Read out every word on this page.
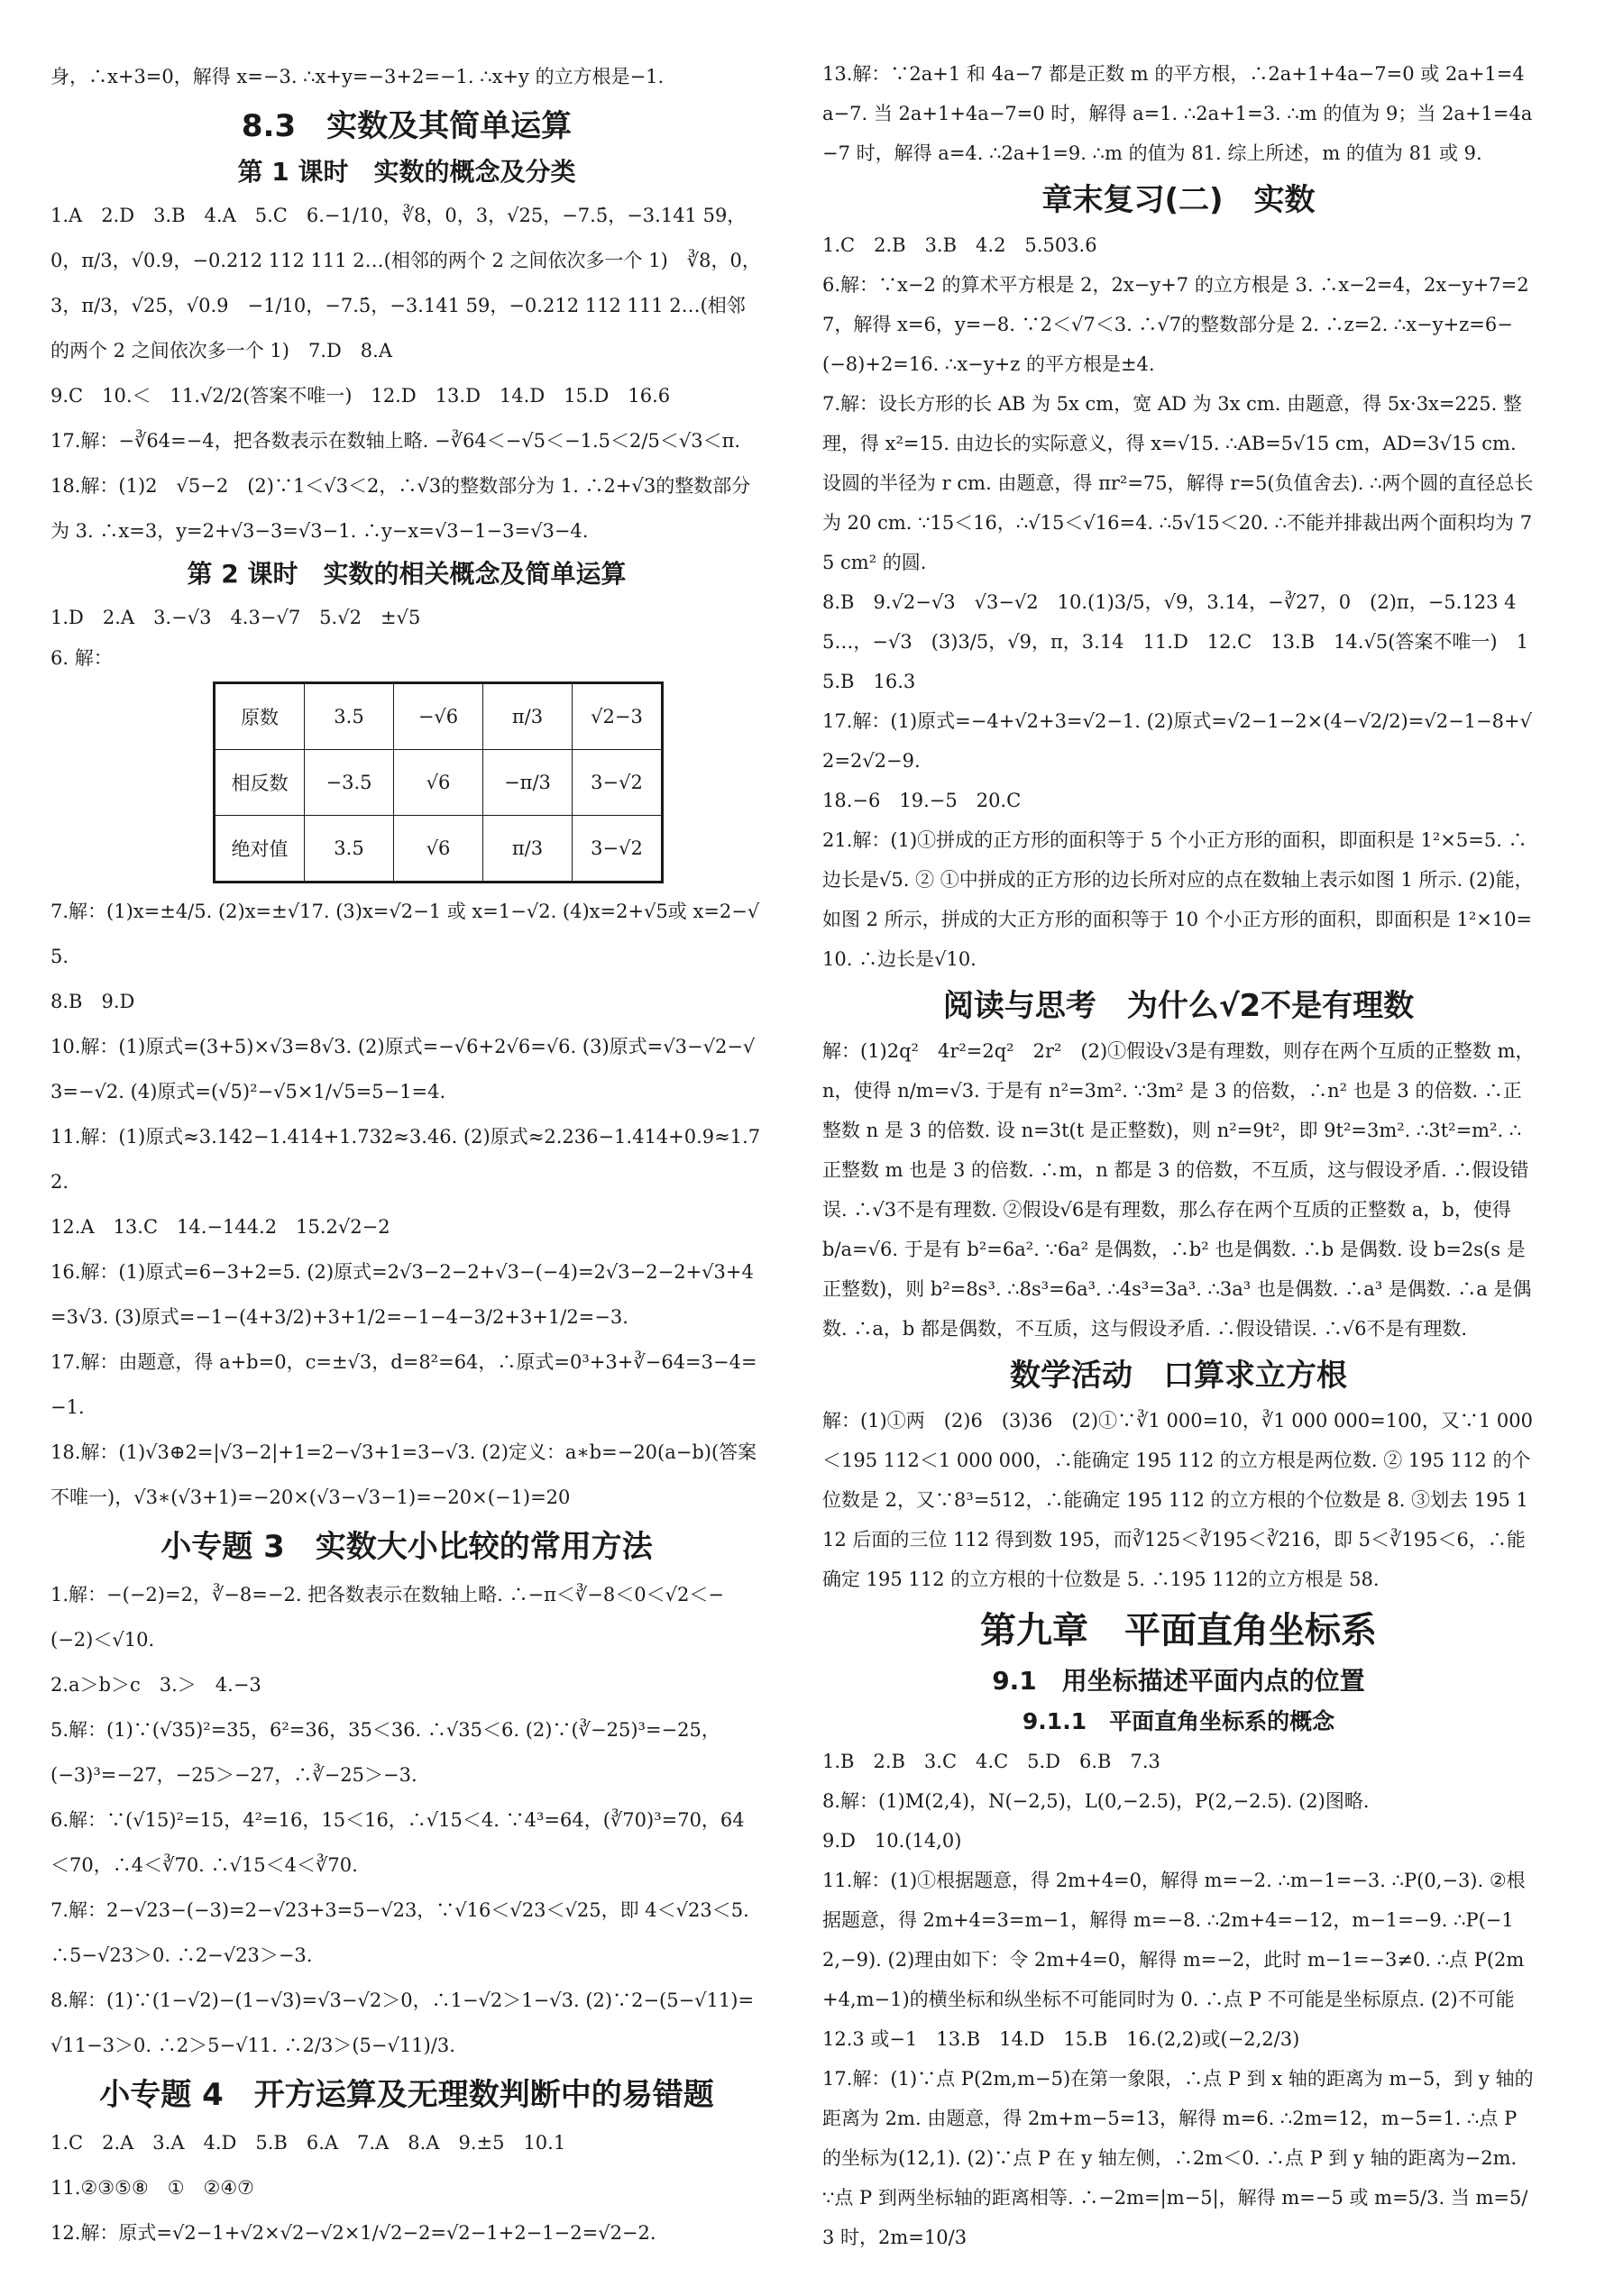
身，∴x+3=0，解得 x=−3. ∴x+y=−3+2=−1. ∴x+y 的立方根是−1.

8.3　实数及其简单运算
第 1 课时　实数的概念及分类

1.A　2.D　3.B　4.A　5.C　6.−1/10，∛8，0，3，√25，−7.5̇，−3.141 59，0，π/3，√0.9，−0.212 112 111 2…(相邻的两个 2 之间依次多一个 1)　∛8，0，3，π/3，√25，√0.9　−1/10，−7.5̇，−3.141 59，−0.212 112 111 2…(相邻的两个 2 之间依次多一个 1)　7.D　8.A

9.C　10.＜　11.√2/2(答案不唯一)　12.D　13.D　14.D　15.D　16.6

17.解：−∛64=−4，把各数表示在数轴上略. −∛64＜−√5＜−1.5＜2/5＜√3＜π.

18.解：(1)2　√5−2　(2)∵1＜√3＜2，∴√3的整数部分为 1. ∴2+√3的整数部分为 3. ∴x=3，y=2+√3−3=√3−1. ∴y−x=√3−1−3=√3−4.

第 2 课时　实数的相关概念及简单运算

1.D　2.A　3.−√3　4.3−√7　5.√2　±√5

6. 解：

原数	3.5	−√6	π/3	√2−3
相反数	−3.5	√6	−π/3	3−√2
绝对值	3.5	√6	π/3	3−√2

7.解：(1)x=±4/5. (2)x=±√17. (3)x=√2−1 或 x=1−√2. (4)x=2+√5或 x=2−√5.

8.B　9.D

10.解：(1)原式=(3+5)×√3=8√3. (2)原式=−√6+2√6=√6. (3)原式=√3−√2−√3=−√2. (4)原式=(√5)²−√5×1/√5=5−1=4.

11.解：(1)原式≈3.142−1.414+1.732≈3.46. (2)原式≈2.236−1.414+0.9≈1.72.

12.A　13.C　14.−144.2　15.2√2−2

16.解：(1)原式=6−3+2=5. (2)原式=2√3−2−2+√3−(−4)=2√3−2−2+√3+4=3√3. (3)原式=−1−(4+3/2)+3+1/2=−1−4−3/2+3+1/2=−3.

17.解：由题意，得 a+b=0，c=±√3，d=8²=64，∴原式=0³+3+∛−64=3−4=−1.

18.解：(1)√3⊕2=|√3−2|+1=2−√3+1=3−√3. (2)定义：a∗b=−20(a−b)(答案不唯一)，√3∗(√3+1)=−20×(√3−√3−1)=−20×(−1)=20

小专题 3　实数大小比较的常用方法

1.解：−(−2)=2，∛−8=−2. 把各数表示在数轴上略. ∴−π＜∛−8＜0＜√2＜−(−2)＜√10.

2.a＞b＞c　3.＞　4.−3

5.解：(1)∵(√35)²=35，6²=36，35＜36. ∴√35＜6. (2)∵(∛−25)³=−25，(−3)³=−27，−25＞−27，∴∛−25＞−3.

6.解：∵(√15)²=15，4²=16，15＜16，∴√15＜4. ∵4³=64，(∛70)³=70，64＜70，∴4＜∛70. ∴√15＜4＜∛70.

7.解：2−√23−(−3)=2−√23+3=5−√23，∵√16＜√23＜√25，即 4＜√23＜5. ∴5−√23＞0. ∴2−√23＞−3.

8.解：(1)∵(1−√2)−(1−√3)=√3−√2＞0，∴1−√2＞1−√3. (2)∵2−(5−√11)=√11−3＞0. ∴2＞5−√11. ∴2/3＞(5−√11)/3.

小专题 4　开方运算及无理数判断中的易错题

1.C　2.A　3.A　4.D　5.B　6.A　7.A　8.A　9.±5　10.1

11.②③⑤⑧　①　②④⑦

12.解：原式=√2−1+√2×√2−√2×1/√2−2=√2−1+2−1−2=√2−2.

13.解：∵2a+1 和 4a−7 都是正数 m 的平方根，∴2a+1+4a−7=0 或 2a+1=4a−7. 当 2a+1+4a−7=0 时，解得 a=1. ∴2a+1=3. ∴m 的值为 9；当 2a+1=4a−7 时，解得 a=4. ∴2a+1=9. ∴m 的值为 81. 综上所述，m 的值为 81 或 9.

章末复习(二)　实数

1.C　2.B　3.B　4.2　5.503.6

6.解：∵x−2 的算术平方根是 2，2x−y+7 的立方根是 3. ∴x−2=4，2x−y+7=27，解得 x=6，y=−8. ∵2＜√7＜3. ∴√7的整数部分是 2. ∴z=2. ∴x−y+z=6−(−8)+2=16. ∴x−y+z 的平方根是±4.

7.解：设长方形的长 AB 为 5x cm，宽 AD 为 3x cm. 由题意，得 5x·3x=225. 整理，得 x²=15. 由边长的实际意义，得 x=√15. ∴AB=5√15 cm，AD=3√15 cm. 设圆的半径为 r cm. 由题意，得 πr²=75，解得 r=5(负值舍去). ∴两个圆的直径总长为 20 cm. ∵15＜16，∴√15＜√16=4. ∴5√15＜20. ∴不能并排裁出两个面积均为 75 cm² 的圆.

8.B　9.√2−√3　√3−√2　10.(1)3/5，√9，3.14，−∛27，0　(2)π，−5.123 45…，−√3　(3)3/5，√9，π，3.14　11.D　12.C　13.B　14.√5(答案不唯一)　15.B　16.3

17.解：(1)原式=−4+√2+3=√2−1. (2)原式=√2−1−2×(4−√2/2)=√2−1−8+√2=2√2−9.

18.−6　19.−5　20.C

21.解：(1)①拼成的正方形的面积等于 5 个小正方形的面积，即面积是 1²×5=5. ∴边长是√5. ② ①中拼成的正方形的边长所对应的点在数轴上表示如图 1 所示. (2)能，如图 2 所示，拼成的大正方形的面积等于 10 个小正方形的面积，即面积是 1²×10=10. ∴边长是√10.

阅读与思考　为什么√2不是有理数

解：(1)2q²　4r²=2q²　2r²　(2)①假设√3是有理数，则存在两个互质的正整数 m，n，使得 n/m=√3. 于是有 n²=3m². ∵3m² 是 3 的倍数，∴n² 也是 3 的倍数. ∴正整数 n 是 3 的倍数. 设 n=3t(t 是正整数)，则 n²=9t²，即 9t²=3m². ∴3t²=m². ∴正整数 m 也是 3 的倍数. ∴m，n 都是 3 的倍数，不互质，这与假设矛盾. ∴假设错误. ∴√3不是有理数. ②假设√6是有理数，那么存在两个互质的正整数 a，b，使得 b/a=√6. 于是有 b²=6a². ∵6a² 是偶数，∴b² 也是偶数. ∴b 是偶数. 设 b=2s(s 是正整数)，则 b²=8s³. ∴8s³=6a³. ∴4s³=3a³. ∴3a³ 也是偶数. ∴a³ 是偶数. ∴a 是偶数. ∴a，b 都是偶数，不互质，这与假设矛盾. ∴假设错误. ∴√6不是有理数.

数学活动　口算求立方根

解：(1)①两　(2)6　(3)36　(2)①∵∛1 000=10，∛1 000 000=100，又∵1 000＜195 112＜1 000 000，∴能确定 195 112 的立方根是两位数. ② 195 112 的个位数是 2，又∵8³=512，∴能确定 195 112 的立方根的个位数是 8. ③划去 195 112 后面的三位 112 得到数 195，而∛125＜∛195＜∛216，即 5＜∛195＜6，∴能确定 195 112 的立方根的十位数是 5. ∴195 112的立方根是 58.

第九章　平面直角坐标系
9.1　用坐标描述平面内点的位置
9.1.1　平面直角坐标系的概念

1.B　2.B　3.C　4.C　5.D　6.B　7.3

8.解：(1)M(2,4)，N(−2,5)，L(0,−2.5)，P(2,−2.5). (2)图略.

9.D　10.(14,0)

11.解：(1)①根据题意，得 2m+4=0，解得 m=−2. ∴m−1=−3. ∴P(0,−3). ②根据题意，得 2m+4=3=m−1，解得 m=−8. ∴2m+4=−12，m−1=−9. ∴P(−12,−9). (2)理由如下：令 2m+4=0，解得 m=−2，此时 m−1=−3≠0. ∴点 P(2m+4,m−1)的横坐标和纵坐标不可能同时为 0. ∴点 P 不可能是坐标原点. (2)不可能

12.3 或−1　13.B　14.D　15.B　16.(2,2)或(−2,2/3)

17.解：(1)∵点 P(2m,m−5)在第一象限，∴点 P 到 x 轴的距离为 m−5，到 y 轴的距离为 2m. 由题意，得 2m+m−5=13，解得 m=6. ∴2m=12，m−5=1. ∴点 P 的坐标为(12,1). (2)∵点 P 在 y 轴左侧，∴2m＜0. ∴点 P 到 y 轴的距离为−2m. ∵点 P 到两坐标轴的距离相等. ∴−2m=|m−5|，解得 m=−5 或 m=5/3. 当 m=5/3 时，2m=10/3
